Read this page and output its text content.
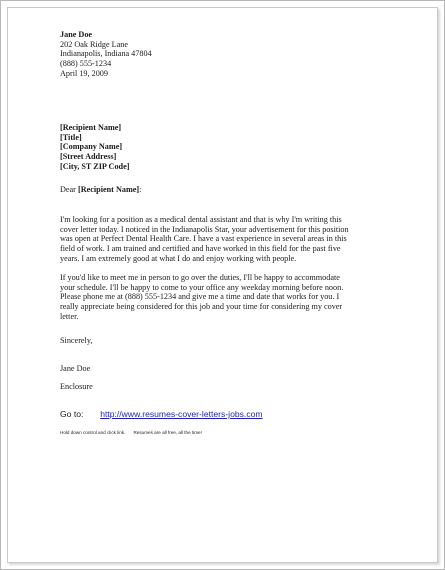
Jane Doe
202 Oak Ridge Lane
Indianapolis, Indiana 47804
(888) 555-1234
April 19, 2009
[Recipient Name]
[Title]
[Company Name]
[Street Address]
[City, ST ZIP Code]
Dear [Recipient Name]:
I'm looking for a position as a medical dental assistant and that is why I'm writing this
cover letter today. I noticed in the Indianapolis Star, your advertisement for this position
was open at Perfect Dental Health Care. I have a vast experience in several areas in this
field of work. I am trained and certified and have worked in this field for the past five
years. I am extremely good at what I do and enjoy working with people.
If you'd like to meet me in person to go over the duties, I'll be happy to accommodate
your schedule. I'll be happy to come to your office any weekday morning before noon.
Please phone me at (888) 555-1234 and give me a time and date that works for you. I
really appreciate being considered for this job and your time for considering my cover
letter.
Sincerely,
Jane Doe
Enclosure
Go to: http://www.resumes-cover-letters-jobs.com
Hold down control and click link. Resumes are all free, all the time!
